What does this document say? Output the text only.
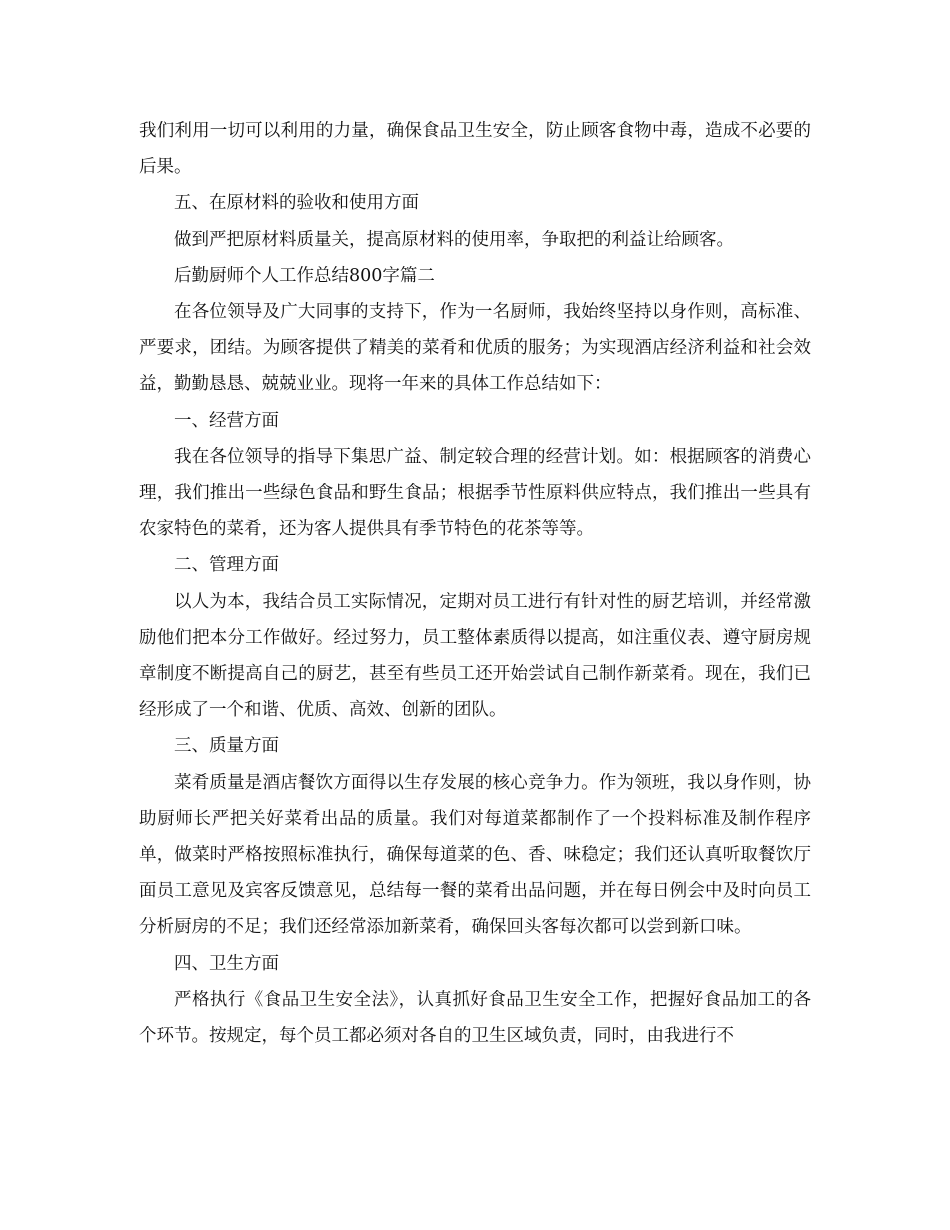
我们利用一切可以利用的力量，确保食品卫生安全，防止顾客食物中毒，造成不必要的后果。

五、在原材料的验收和使用方面

做到严把原材料质量关，提高原材料的使用率，争取把的利益让给顾客。

后勤厨师个人工作总结800字篇二

在各位领导及广大同事的支持下，作为一名厨师，我始终坚持以身作则，高标准、严要求，团结。为顾客提供了精美的菜肴和优质的服务；为实现酒店经济利益和社会效益，勤勤恳恳、兢兢业业。现将一年来的具体工作总结如下：

一、经营方面

我在各位领导的指导下集思广益、制定较合理的经营计划。如：根据顾客的消费心理，我们推出一些绿色食品和野生食品；根据季节性原料供应特点，我们推出一些具有农家特色的菜肴，还为客人提供具有季节特色的花茶等等。

二、管理方面

以人为本，我结合员工实际情况，定期对员工进行有针对性的厨艺培训，并经常激励他们把本分工作做好。经过努力，员工整体素质得以提高，如注重仪表、遵守厨房规章制度不断提高自己的厨艺，甚至有些员工还开始尝试自己制作新菜肴。现在，我们已经形成了一个和谐、优质、高效、创新的团队。

三、质量方面

菜肴质量是酒店餐饮方面得以生存发展的核心竞争力。作为领班，我以身作则，协助厨师长严把关好菜肴出品的质量。我们对每道菜都制作了一个投料标准及制作程序单，做菜时严格按照标准执行，确保每道菜的色、香、味稳定；我们还认真听取餐饮厅面员工意见及宾客反馈意见，总结每一餐的菜肴出品问题，并在每日例会中及时向员工分析厨房的不足；我们还经常添加新菜肴，确保回头客每次都可以尝到新口味。

四、卫生方面

严格执行《食品卫生安全法》，认真抓好食品卫生安全工作，把握好食品加工的各个环节。按规定，每个员工都必须对各自的卫生区域负责，同时，由我进行不
